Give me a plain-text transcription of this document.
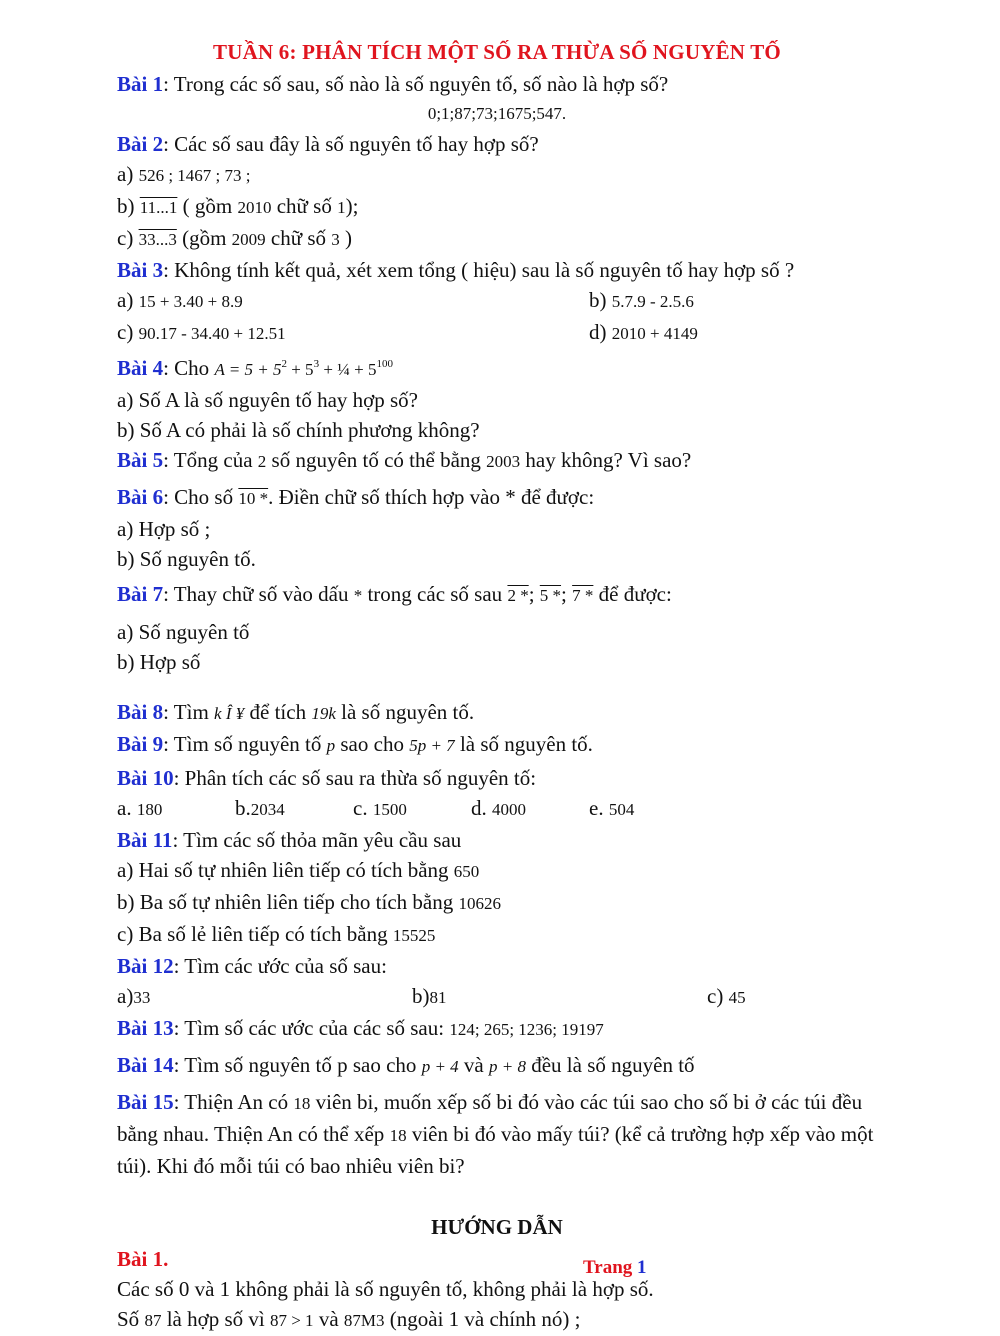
TUẦN 6: PHÂN TÍCH MỘT SỐ RA THỪA SỐ NGUYÊN TỐ
Bài 1: Trong các số sau, số nào là số nguyên tố, số nào là hợp số?
0;1;87;73;1675;547.
Bài 2: Các số sau đây là số nguyên tố hay hợp số?
a) 526 ; 1467 ; 73 ;
b) 11...1 ( gồm 2010 chữ số 1);
c) 33...3 (gồm 2009 chữ số 3 )
Bài 3: Không tính kết quả, xét xem tổng ( hiệu) sau là số nguyên tố hay hợp số ?
a) 15 + 3.40 + 8.9	b) 5.7.9 - 2.5.6
c) 90.17 - 34.40 + 12.51	d) 2010 + 4149
Bài 4: Cho $A = 5 + 5^2 + 5^3$ + ¼ + $5^{100}$
a) Số A là số nguyên tố hay hợp số?
b) Số A có phải là số chính phương không?
Bài 5: Tổng của 2 số nguyên tố có thể bằng 2003 hay không? Vì sao?
Bài 6: Cho số 10 *. Điền chữ số thích hợp vào * để được:
a) Hợp số ;
b) Số nguyên tố.
Bài 7: Thay chữ số vào dấu * trong các số sau 2 *; 5 *; 7 * để được:
a) Số nguyên tố
b) Hợp số
Bài 8: Tìm k Î ¥ để tích 19k là số nguyên tố.
Bài 9: Tìm số nguyên tố p sao cho 5p + 7 là số nguyên tố.
Bài 10: Phân tích các số sau ra thừa số nguyên tố:
a. 180	b.2034	c. 1500	d. 4000	e. 504
Bài 11: Tìm các số thỏa mãn yêu cầu sau
a) Hai số tự nhiên liên tiếp có tích bằng 650
b) Ba số tự nhiên liên tiếp cho tích bằng 10626
c) Ba số lẻ liên tiếp có tích bằng 15525
Bài 12: Tìm các ước của số sau:
a)33	b)81	c) 45
Bài 13: Tìm số các ước của các số sau: 124; 265; 1236; 19197
Bài 14: Tìm số nguyên tố p sao cho p + 4 và p + 8 đều là số nguyên tố
Bài 15: Thiện An có 18 viên bi, muốn xếp số bi đó vào các túi sao cho số bi ở các túi đều bằng nhau. Thiện An có thể xếp 18 viên bi đó vào mấy túi? (kể cả trường hợp xếp vào một túi). Khi đó mỗi túi có bao nhiêu viên bi?
HƯỚNG DẪN
Bài 1.
Các số 0 và 1 không phải là số nguyên tố, không phải là hợp số.
Số 87 là hợp số vì 87 > 1 và 87M3 (ngoài 1 và chính nó) ;
Trang 1
